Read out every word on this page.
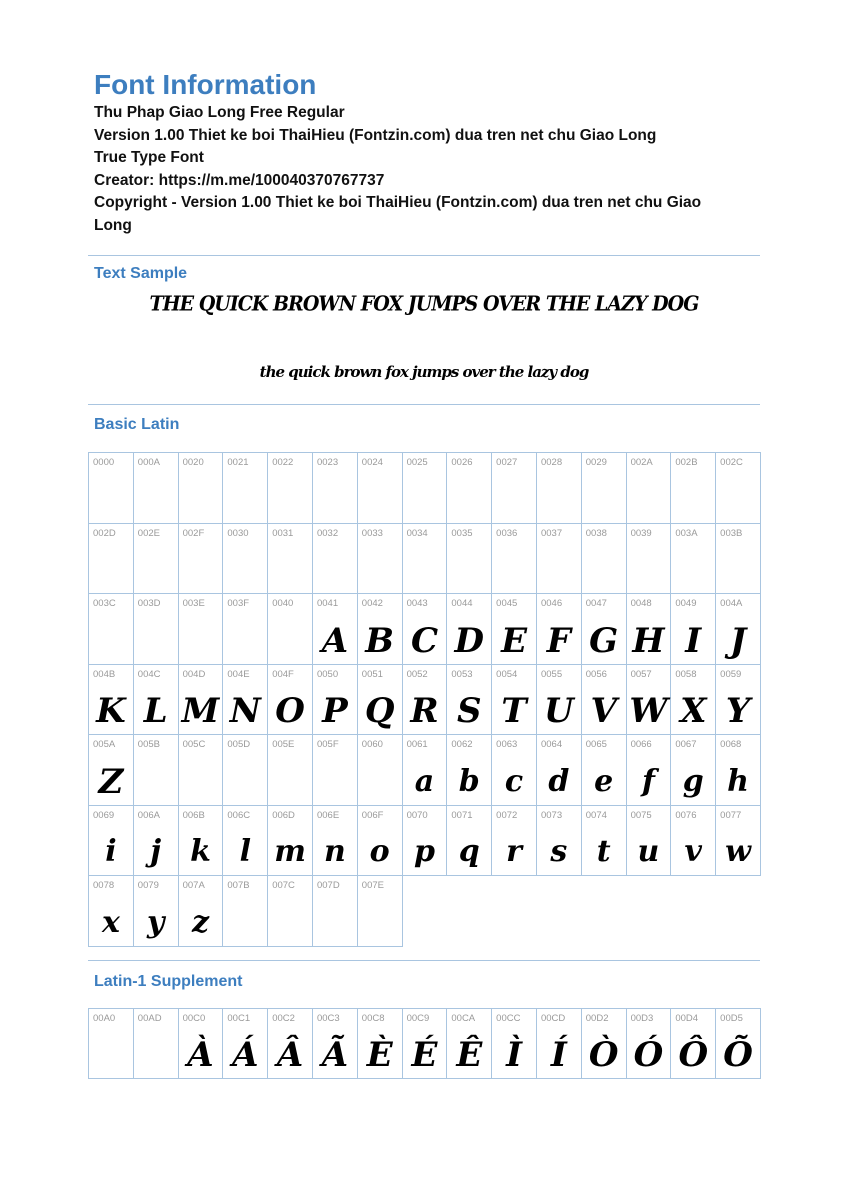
Font Information
Thu Phap Giao Long Free Regular
Version 1.00 Thiet ke boi ThaiHieu (Fontzin.com) dua tren net chu Giao Long
True Type Font
Creator: https://m.me/100040370767737
Copyright - Version 1.00 Thiet ke boi ThaiHieu (Fontzin.com) dua tren net chu Giao
Long
Text Sample
THE QUICK BROWN FOX JUMPS OVER THE LAZY DOG
the quick brown fox jumps over the lazy dog
Basic Latin
0000 000A 0020 0021 0022 0023 0024 0025 0026 0027 0028 0029 002A 002B 002C
002D 002E 002F 0030 0031 0032 0033 0034 0035 0036 0037 0038 0039 003A 003B
003C 003D 003E 003F 0040 0041
A
0042
B
0043
C
0044
D
0045
E
0046
F
0047
G
0048
H
0049
I
004A
J
004B
K
004C
L
004D
M
004E
N
004F
O
0050
P
0051
Q
0052
R
0053
S
0054
T
0055
U
0056
V
0057
W
0058
X
0059
Y
005A
Z
005B 005C 005D 005E 005F 0060 0061
a
0062
b
0063
c
0064
d
0065
e
0066
f
0067
g
0068
h
0069
i
006A
j
006B
k
006C
l
006D
m
006E
n
006F
o
0070
p
0071
q
0072
r
0073
s
0074
t
0075
u
0076
v
0077
w
0078
x
0079
y
007A
z
007B 007C 007D 007E
Latin-1 Supplement
00A0 00AD 00C0
À
00C1
Á
00C2
Â
00C3
Ã
00C8
È
00C9
É
00CA
Ê
00CC
Ì
00CD
Í
00D2
Ò
00D3
Ó
00D4
Ô
00D5
Õ
